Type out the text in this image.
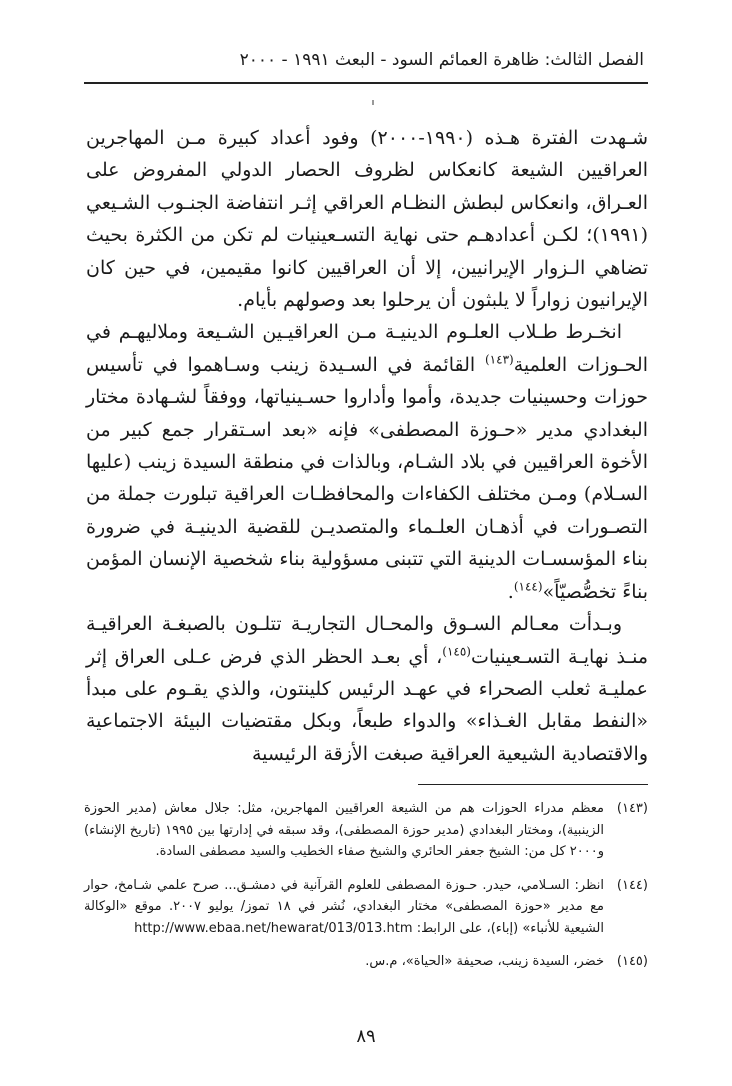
الفصل الثالث: ظاهرة العمائم السود - البعث ١٩٩١ - ٢٠٠٠

شـهدت الفترة هـذه (١٩٩٠-٢٠٠٠) وفود أعداد كبيرة مـن المهاجرين العراقيين الشيعة كانعكاس لظروف الحصار الدولي المفروض على العـراق، وانعكاس لبطش النظـام العراقي إثـر انتفاضة الجنـوب الشـيعي (١٩٩١)؛ لكـن أعدادهـم حتى نهاية التسـعينيات لم تكن من الكثرة بحيث تضاهي الـزوار الإيرانيين، إلا أن العراقيين كانوا مقيمين، في حين كان الإيرانيون زواراً لا يلبثون أن يرحلوا بعد وصولهم بأيام.

انخـرط طـلاب العلـوم الدينيـة مـن العراقيـين الشـيعة وملاليهـم في الحـوزات العلمية$^{(١٤٣)}$ القائمة في السـيدة زينب وسـاهموا في تأسيس حوزات وحسينيات جديدة، وأموا وأداروا حسـينياتها، ووفقاً لشـهادة مختار البغدادي مدير «حـوزة المصطفى» فإنه «بعد اسـتقرار جمع كبير من الأخوة العراقيين في بلاد الشـام، وبالذات في منطقة السيدة زينب (عليها السـلام) ومـن مختلف الكفاءات والمحافظـات العراقية تبلورت جملة من التصـورات في أذهـان العلـماء والمتصديـن للقضية الدينيـة في ضرورة بناء المؤسسـات الدينية التي تتبنى مسؤولية بناء شخصية الإنسان المؤمن بناءً تخصُّصيّاً»$^{(١٤٤)}$.

وبـدأت معـالم السـوق والمحـال التجاريـة تتلـون بالصبغـة العراقيـة منـذ نهايـة التسـعينيات$^{(١٤٥)}$، أي بعـد الحظر الذي فرض عـلى العراق إثر عمليـة ثعلب الصحراء في عهـد الرئيس كلينتون، والذي يقـوم على مبدأ «النفط مقابل الغـذاء» والدواء طبعاً، وبكل مقتضيات البيئة الاجتماعية والاقتصادية الشيعية العراقية صبغت الأزقة الرئيسية

(١٤٣)
معظم مدراء الحوزات هم من الشيعة العراقيين المهاجرين، مثل: جلال معاش (مدير الحوزة الزينبية)، ومختار البغدادي (مدير حوزة المصطفى)، وقد سبقه في إدارتها بين ١٩٩٥ (تاريخ الإنشاء) و٢٠٠٠ كل من: الشيخ جعفر الحائري والشيخ صفاء الخطيب والسيد مصطفى السادة.

(١٤٤)
انظر: السـلامي، حيدر. حـوزة المصطفى للعلوم القرآنية في دمشـق... صرح علمي شـامخ، حوار مع مدير «حوزة المصطفى» مختار البغدادي، نُشر في ١٨ تموز/ يوليو ٢٠٠٧. موقع «الوكالة الشيعية للأنباء» (إباء)، على الرابط: http://www.ebaa.net/hewarat/013/013.htm

(١٤٥)
خضر، السيدة زينب، صحيفة «الحياة»، م.س.

٨٩
